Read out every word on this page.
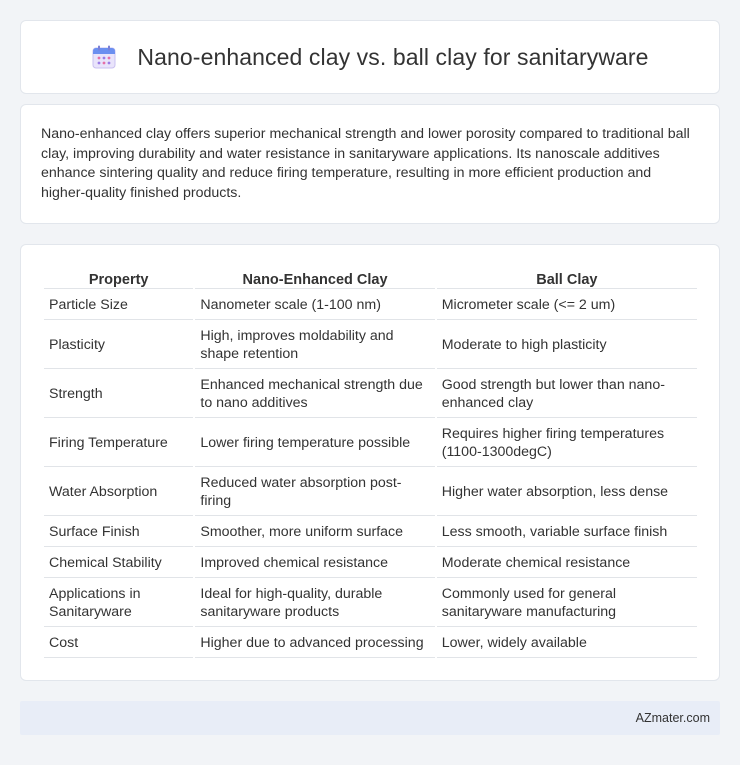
Nano-enhanced clay vs. ball clay for sanitaryware

Nano-enhanced clay offers superior mechanical strength and lower porosity compared to traditional ball clay, improving durability and water resistance in sanitaryware applications. Its nanoscale additives enhance sintering quality and reduce firing temperature, resulting in more efficient production and higher-quality finished products.

Property	Nano-Enhanced Clay	Ball Clay
Particle Size	Nanometer scale (1-100 nm)	Micrometer scale (<= 2 um)
Plasticity	High, improves moldability and shape retention	Moderate to high plasticity
Strength	Enhanced mechanical strength due to nano additives	Good strength but lower than nano-enhanced clay
Firing Temperature	Lower firing temperature possible	Requires higher firing temperatures (1100-1300degC)
Water Absorption	Reduced water absorption post-firing	Higher water absorption, less dense
Surface Finish	Smoother, more uniform surface	Less smooth, variable surface finish
Chemical Stability	Improved chemical resistance	Moderate chemical resistance
Applications in Sanitaryware	Ideal for high-quality, durable sanitaryware products	Commonly used for general sanitaryware manufacturing
Cost	Higher due to advanced processing	Lower, widely available
AZmater.com
